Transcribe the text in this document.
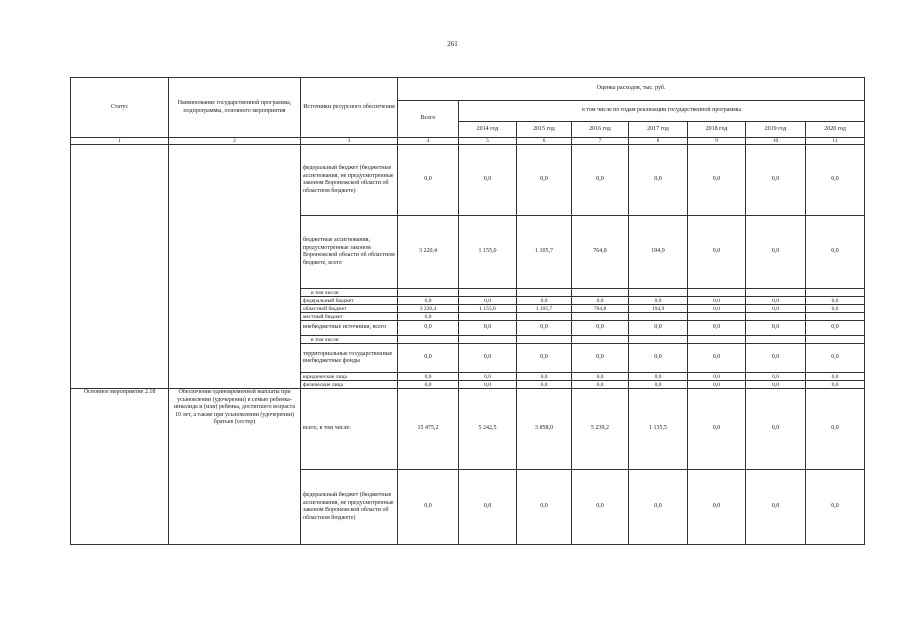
261
Статус	Наименование государственной программы, подпрограммы, основного мероприятия	Источники ресурсного обеспечения	Оценка расходов, тыс. руб.							
			Всего	в том числе по годам реализации государственной программы						
				2014 год	2015 год	2016 год	2017 год	2018 год	2019 год	2020 год
1	2	3	4	5	6	7	8	9	10	11
		федеральный бюджет (бюджетные ассигнования, не предусмотренные законом Воронежской области об областном бюджете)	0,0	0,0	0,0	0,0	0,0	0,0	0,0	0,0
		бюджетные ассигнования, предусмотренные законом Воронежской области об областном бюджете, всего	3 220,4	1 155,0	1 105,7	764,8	194,9	0,0	0,0	0,0
		в том числе:								
		федеральный бюджет	0,0	0,0	0,0	0,0	0,0	0,0	0,0	0,0
		областной бюджет	3 220,4	1 155,0	1 105,7	764,8	194,9	0,0	0,0	0,0
		местный бюджет	0,0							
		внебюджетные источники, всего	0,0	0,0	0,0	0,0	0,0	0,0	0,0	0,0
		в том числе:								
		территориальные государственные внебюджетные фонды	0,0	0,0	0,0	0,0	0,0	0,0	0,0	0,0
		юридические лица	0,0	0,0	0,0	0,0	0,0	0,0	0,0	0,0
		физические лица	0,0	0,0	0,0	0,0	0,0	0,0	0,0	0,0
Основное мероприятие 2.18	Обеспечение единовременной выплаты при усыновлении (удочерении) в семью ребенка-инвалида и (или) ребенка, достигшего возраста 10 лет, а также при усыновлении (удочерении) братьев (сестер)	всего, в том числе:	15 475,2	5 242,5	3 858,0	5 239,2	1 135,5	0,0	0,0	0,0
		федеральный бюджет (бюджетные ассигнования, не предусмотренные законом Воронежской области об областном бюджете)	0,0	0,0	0,0	0,0	0,0	0,0	0,0	0,0
